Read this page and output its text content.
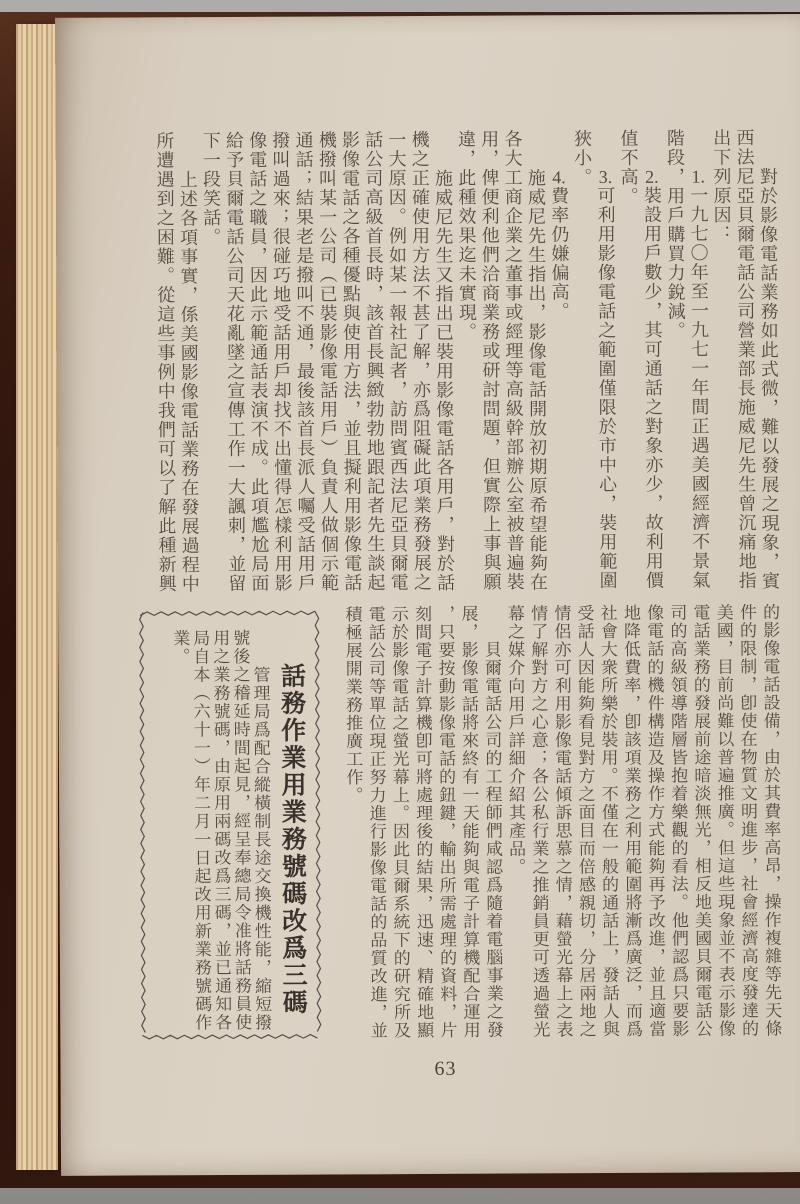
對於影像電話業務如此式微，難以發展之現象，賓西法尼亞貝爾電話公司營業部長施威尼先生曾沉痛地指出下列原因：

1.一九七〇年至一九七一年間正遇美國經濟不景氣階段，用戶購買力銳減。

2.裝設用戶數少，其可通話之對象亦少，故利用價值不高。

3.可利用影像電話之範圍僅限於市中心，裝用範圍狹小。

4.費率仍嫌偏高。

施威尼先生指出，影像電話開放初期原希望能夠在各大工商企業之董事或經理等高級幹部辦公室被普遍裝用，俾便利他們洽商業務或研討問題，但實際上事與願違，此種效果迄未實現。

施威尼先生又指出已裝用影像電話各用戶，對於話機之正確使用方法不甚了解，亦爲阻礙此項業務發展之一大原因。例如某一報社記者，訪問賓西法尼亞貝爾電話公司高級首長時，該首長興緻勃勃地跟記者先生談起影像電話之各種優點與使用方法，並且擬利用影像電話機撥叫某一公司（已裝影像電話用戶）負責人做個示範通話；結果老是撥叫不通，最後該首長派人囑受話用戶撥叫過來；很碰巧地受話用戶却找不出懂得怎樣利用影像電話之職員，因此示範通話表演不成。此項尷尬局面給予貝爾電話公司天花亂墜之宣傳工作一大諷刺，並留下一段笑話。

上述各項事實，係美國影像電話業務在發展過程中所遭遇到之困難。從這些事例中我們可以了解此種新興

的影像電話設備，由於其費率高昂，操作複雜等先天條件的限制，卽使在物質文明進步，社會經濟高度發達的美國，目前尚難以普遍推廣。但這些現象並不表示影像電話業務的發展前途暗淡無光，相反地美國貝爾電話公司的高級領導階層皆抱着樂觀的看法。他們認爲只要影像電話的機件構造及操作方式能夠再予改進，並且適當地降低費率，卽該項業務之利用範圍將漸爲廣泛，而爲社會大衆所樂於裝用。不僅在一般的通話上，發話人與受話人因能夠看見對方之面目而倍感親切，分居兩地之情侶亦可利用影像電話傾訴思慕之情，藉螢光幕上之表情了解對方之心意；各公私行業之推銷員更可透過螢光幕之媒介向用戶詳細介紹其產品。

貝爾電話公司的工程師們咸認爲隨着電腦事業之發展，影像電話將來終有一天能夠與電子計算機配合運用，只要按動影像電話的鈕鍵，輸出所需處理的資料，片刻間電子計算機卽可將處理後的結果，迅速、精確地顯示於影像電話之螢光幕上。因此貝爾系統下的研究所及電話公司等單位現正努力進行影像電話的品質改進，並積極展開業務推廣工作。

話務作業用業務號碼改爲三碼

管理局爲配合縱橫制長途交換機性能，縮短撥號後之稽延時間起見，經呈奉總局令准將話務員使用之業務號碼，由原用兩碼改爲三碼，並已通知各局自本（六十一）年二月一日起改用新業務號碼作業。

63
